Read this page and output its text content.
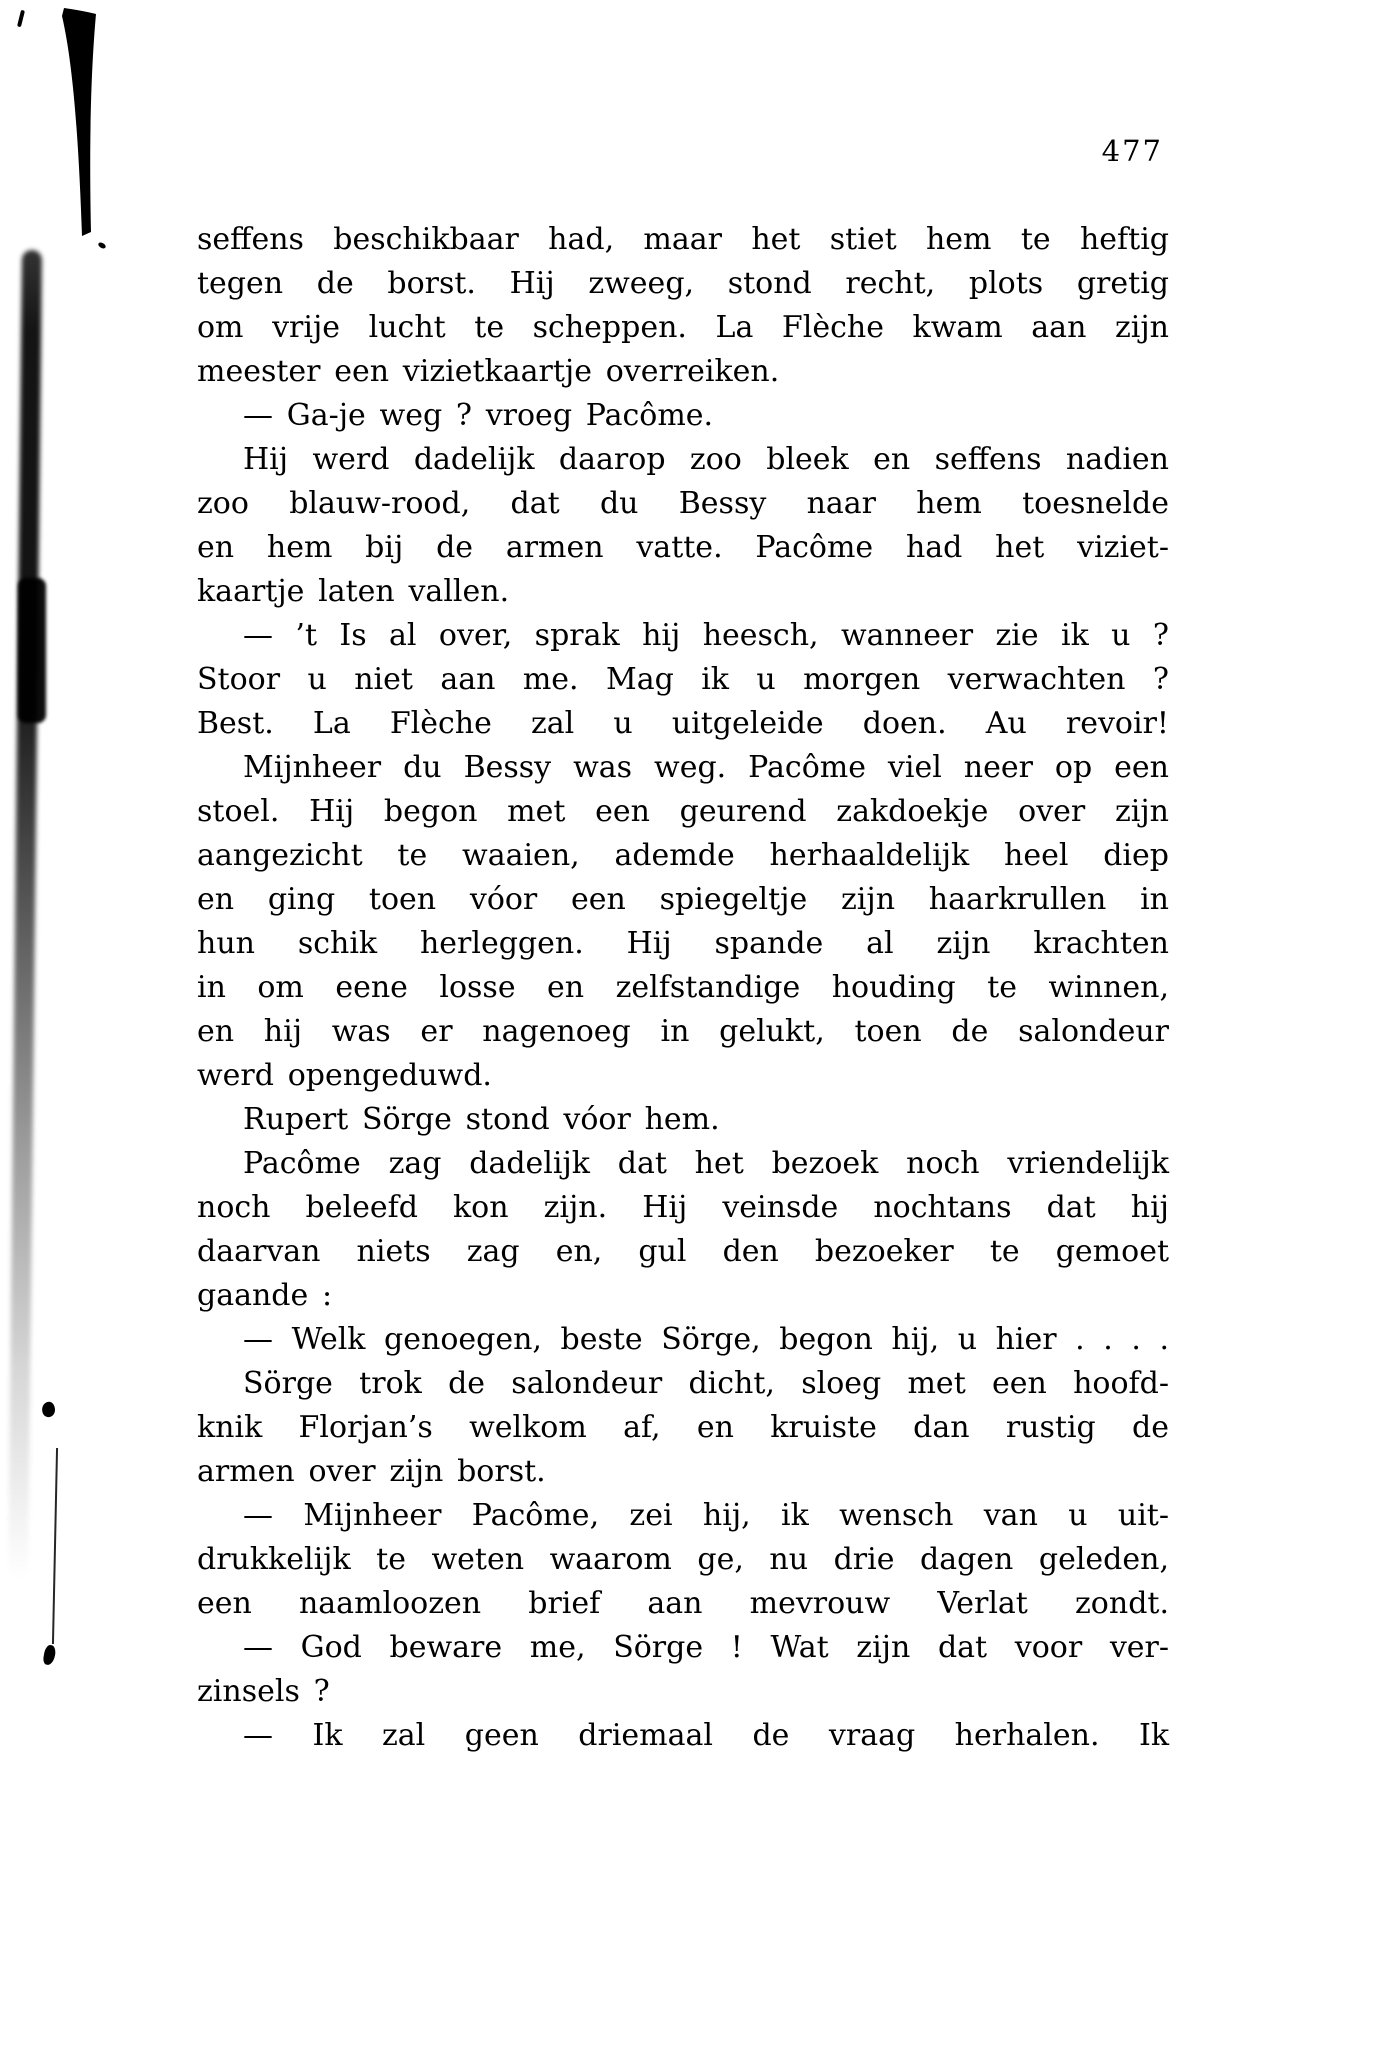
477
seffens beschikbaar had, maar het stiet hem te heftig
tegen de borst. Hij zweeg, stond recht, plots gretig
om vrije lucht te scheppen. La Flèche kwam aan zijn
meester een vizietkaartje overreiken.
— Ga-je weg ? vroeg Pacôme.
Hij werd dadelijk daarop zoo bleek en seffens nadien
zoo blauw-rood, dat du Bessy naar hem toesnelde
en hem bij de armen vatte. Pacôme had het viziet-
kaartje laten vallen.
— ’t Is al over, sprak hij heesch, wanneer zie ik u ?
Stoor u niet aan me. Mag ik u morgen verwachten ?
Best. La Flèche zal u uitgeleide doen. Au revoir!
Mijnheer du Bessy was weg. Pacôme viel neer op een
stoel. Hij begon met een geurend zakdoekje over zijn
aangezicht te waaien, ademde herhaaldelijk heel diep
en ging toen vóor een spiegeltje zijn haarkrullen in
hun schik herleggen. Hij spande al zijn krachten
in om eene losse en zelfstandige houding te winnen,
en hij was er nagenoeg in gelukt, toen de salondeur
werd opengeduwd.
Rupert Sörge stond vóor hem.
Pacôme zag dadelijk dat het bezoek noch vriendelijk
noch beleefd kon zijn. Hij veinsde nochtans dat hij
daarvan niets zag en, gul den bezoeker te gemoet
gaande :
— Welk genoegen, beste Sörge, begon hij, u hier . . . .
Sörge trok de salondeur dicht, sloeg met een hoofd-
knik Florjan’s welkom af, en kruiste dan rustig de
armen over zijn borst.
— Mijnheer Pacôme, zei hij, ik wensch van u uit-
drukkelijk te weten waarom ge, nu drie dagen geleden,
een naamloozen brief aan mevrouw Verlat zondt.
— God beware me, Sörge ! Wat zijn dat voor ver-
zinsels ?
— Ik zal geen driemaal de vraag herhalen. Ik
